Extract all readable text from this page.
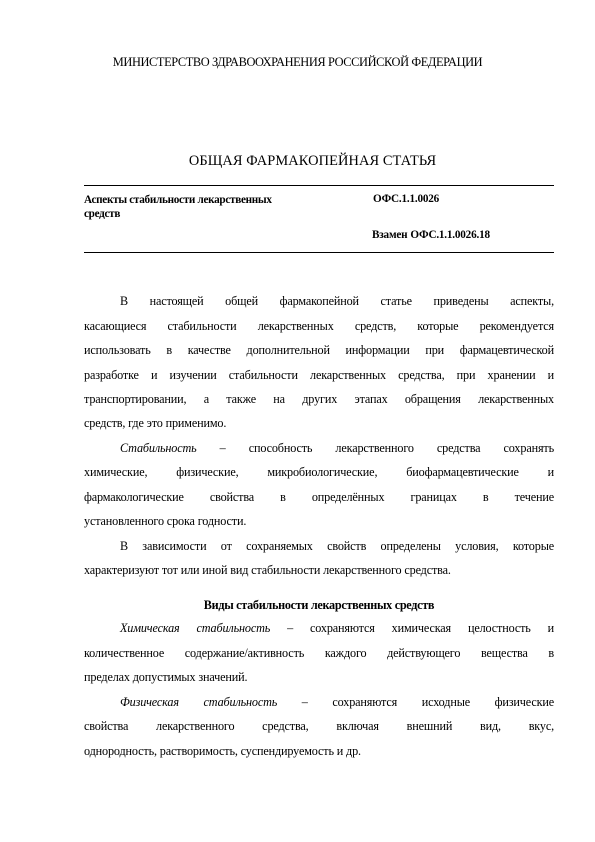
МИНИСТЕРСТВО ЗДРАВООХРАНЕНИЯ РОССИЙСКОЙ ФЕДЕРАЦИИ
ОБЩАЯ ФАРМАКОПЕЙНАЯ СТАТЬЯ
Аспекты стабильности лекарственных
средств
ОФС.1.1.0026
Взамен ОФС.1.1.0026.18
В настоящей общей фармакопейной статье приведены аспекты,
касающиеся стабильности лекарственных средств, которые рекомендуется
использовать в качестве дополнительной информации при фармацевтической
разработке и изучении стабильности лекарственных средства, при хранении и
транспортировании, а также на других этапах обращения лекарственных
средств, где это применимо.
Стабильность – способность лекарственного средства сохранять
химические, физические, микробиологические, биофармацевтические и
фармакологические свойства в определённых границах в течение
установленного срока годности.
В зависимости от сохраняемых свойств определены условия, которые
характеризуют тот или иной вид стабильности лекарственного средства.
Виды стабильности лекарственных средств
Химическая стабильность – сохраняются химическая целостность и
количественное содержание/активность каждого действующего вещества в
пределах допустимых значений.
Физическая стабильность – сохраняются исходные физические
свойства лекарственного средства, включая внешний вид, вкус,
однородность, растворимость, суспендируемость и др.
